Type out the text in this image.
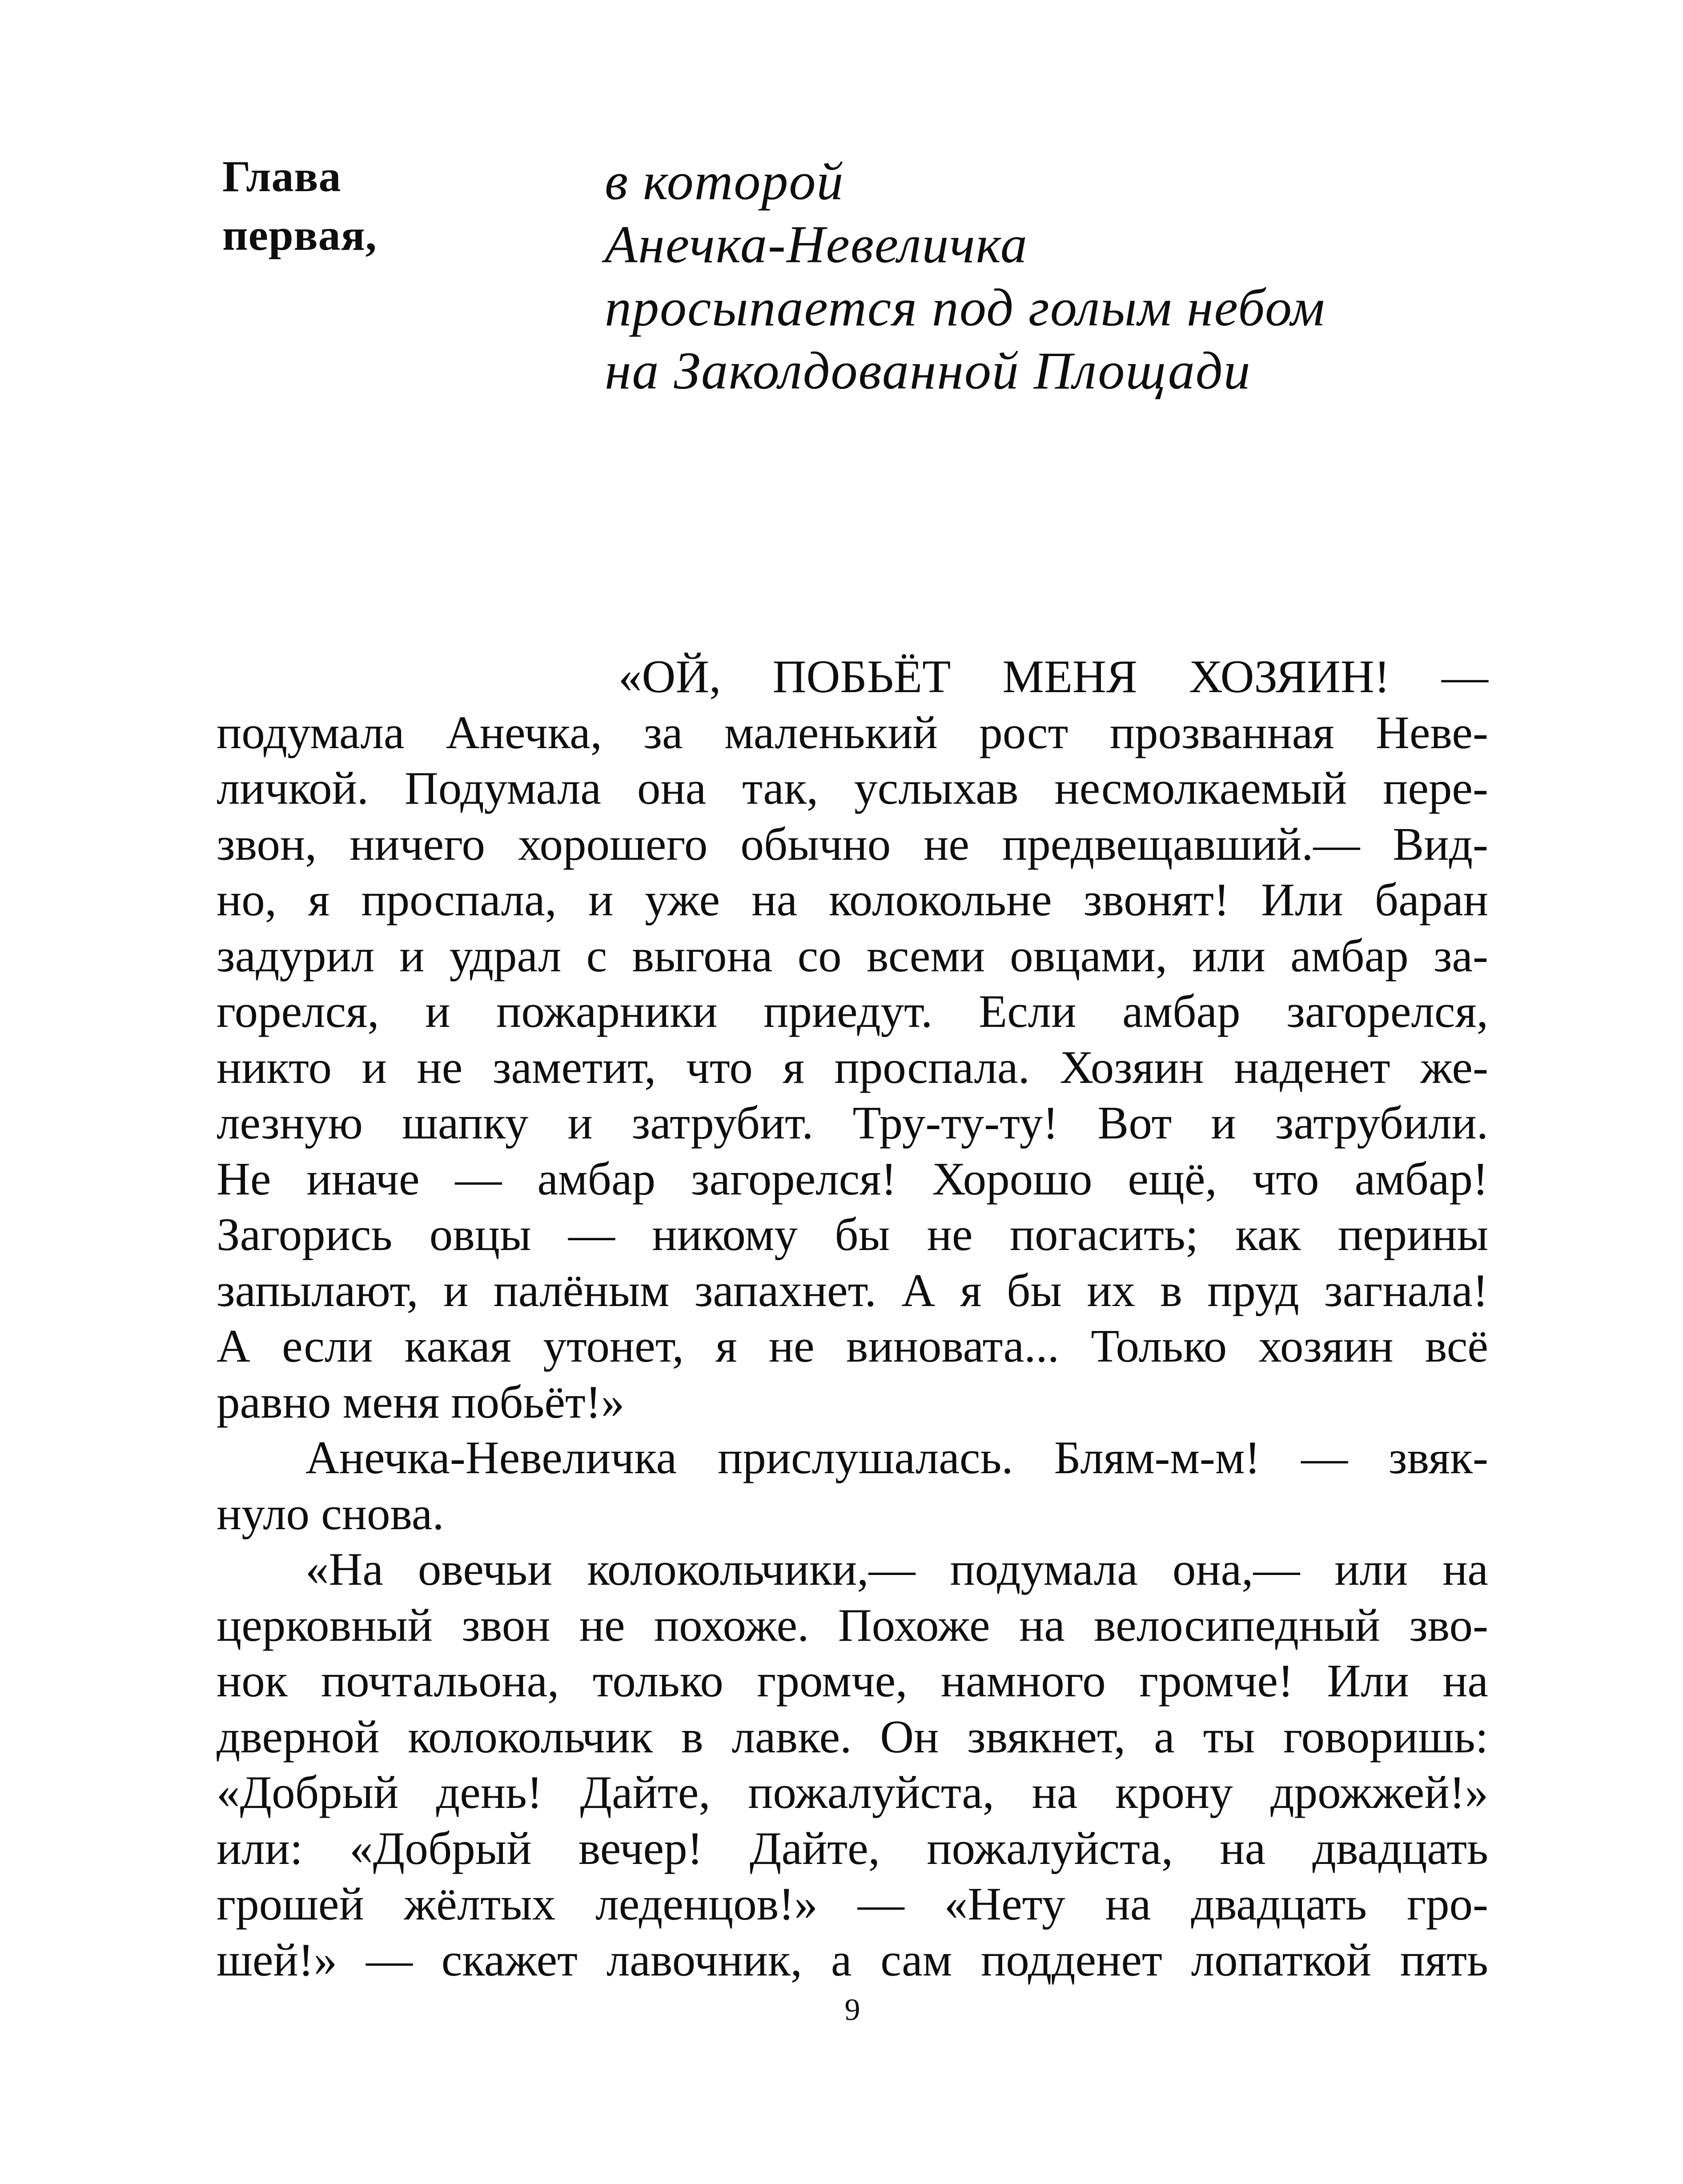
Глава
первая,
в которой
Анечка-Невеличка
просыпается под голым небом
на Заколдованной Площади
«ОЙ, ПОБЬЁТ МЕНЯ ХОЗЯИН! —
подумала Анечка, за маленький рост прозванная Неве-
личкой. Подумала она так, услыхав несмолкаемый пере-
звон, ничего хорошего обычно не предвещавший.— Вид-
но, я проспала, и уже на колокольне звонят! Или баран
задурил и удрал с выгона со всеми овцами, или амбар за-
горелся, и пожарники приедут. Если амбар загорелся,
никто и не заметит, что я проспала. Хозяин наденет же-
лезную шапку и затрубит. Тру-ту-ту! Вот и затрубили.
Не иначе — амбар загорелся! Хорошо ещё, что амбар!
Загорись овцы — никому бы не погасить; как перины
запылают, и палёным запахнет. А я бы их в пруд загнала!
А если какая утонет, я не виновата... Только хозяин всё
равно меня побьёт!»
Анечка-Невеличка прислушалась. Блям-м-м! — звяк-
нуло снова.
«На овечьи колокольчики,— подумала она,— или на
церковный звон не похоже. Похоже на велосипедный зво-
нок почтальона, только громче, намного громче! Или на
дверной колокольчик в лавке. Он звякнет, а ты говоришь:
«Добрый день! Дайте, пожалуйста, на крону дрожжей!»
или: «Добрый вечер! Дайте, пожалуйста, на двадцать
грошей жёлтых леденцов!» — «Нету на двадцать гро-
шей!» — скажет лавочник, а сам подденет лопаткой пять
9
